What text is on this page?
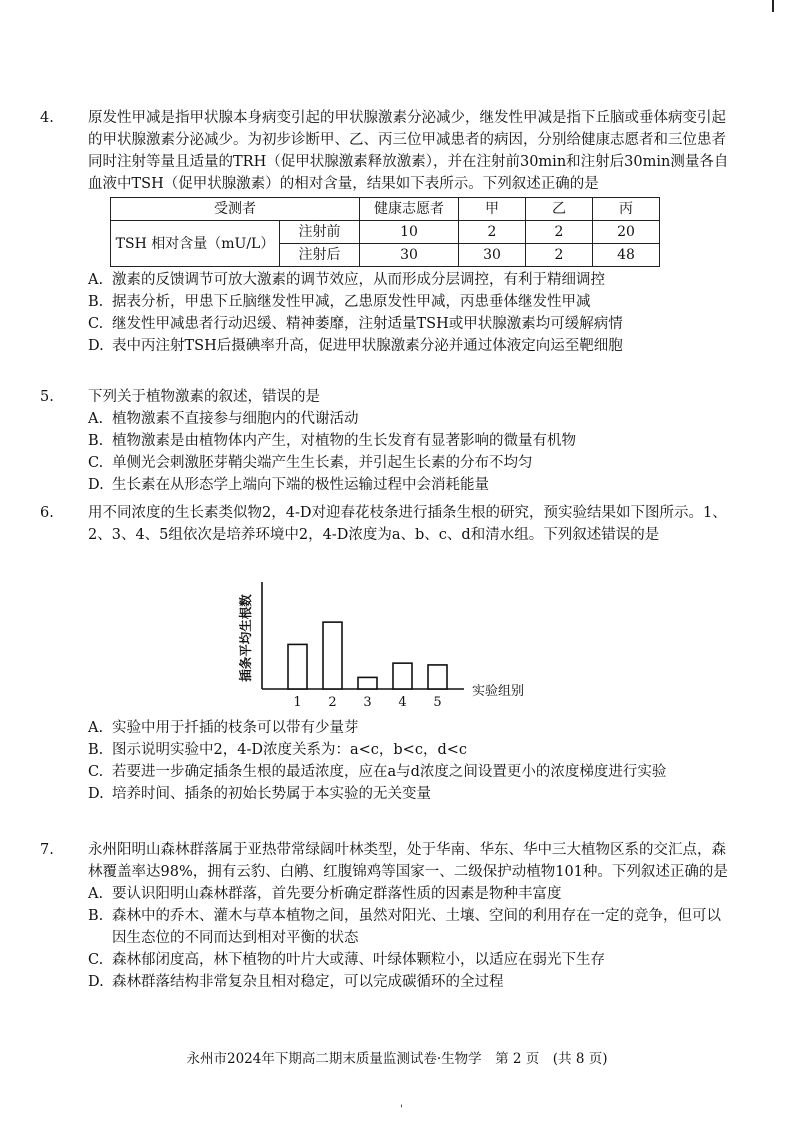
4. 原发性甲减是指甲状腺本身病变引起的甲状腺激素分泌减少，继发性甲减是指下丘脑或垂体病变引起的甲状腺激素分泌减少。为初步诊断甲、乙、丙三位甲减患者的病因，分别给健康志愿者和三位患者同时注射等量且适量的TRH（促甲状腺激素释放激素），并在注射前30min和注射后30min测量各自血液中TSH（促甲状腺激素）的相对含量，结果如下表所示。下列叙述正确的是

受测者		健康志愿者	甲	乙	丙
TSH 相对含量（mU/L）	注射前	10	2	2	20
	注射后	30	30	2	48

A. 激素的反馈调节可放大激素的调节效应，从而形成分层调控，有利于精细调控

B. 据表分析，甲患下丘脑继发性甲减，乙患原发性甲减，丙患垂体继发性甲减

C. 继发性甲减患者行动迟缓、精神萎靡，注射适量TSH或甲状腺激素均可缓解病情

D. 表中丙注射TSH后摄碘率升高，促进甲状腺激素分泌并通过体液定向运至靶细胞

5. 下列关于植物激素的叙述，错误的是

A. 植物激素不直接参与细胞内的代谢活动

B. 植物激素是由植物体内产生，对植物的生长发育有显著影响的微量有机物

C. 单侧光会刺激胚芽鞘尖端产生生长素，并引起生长素的分布不均匀

D. 生长素在从形态学上端向下端的极性运输过程中会消耗能量

6. 用不同浓度的生长素类似物2，4-D对迎春花枝条进行插条生根的研究，预实验结果如下图所示。1、2、3、4、5组依次是培养环境中2，4-D浓度为a、b、c、d和清水组。下列叙述错误的是

插条平均生根数
实验组别
1 2 3 4 5

A. 实验中用于扦插的枝条可以带有少量芽

B. 图示说明实验中2，4-D浓度关系为：a<c，b<c，d<c

C. 若要进一步确定插条生根的最适浓度，应在a与d浓度之间设置更小的浓度梯度进行实验

D. 培养时间、插条的初始长势属于本实验的无关变量

7. 永州阳明山森林群落属于亚热带常绿阔叶林类型，处于华南、华东、华中三大植物区系的交汇点，森林覆盖率达98%，拥有云豹、白鹇、红腹锦鸡等国家一、二级保护动植物101种。下列叙述正确的是

A. 要认识阳明山森林群落，首先要分析确定群落性质的因素是物种丰富度

B. 森林中的乔木、灌木与草本植物之间，虽然对阳光、土壤、空间的利用存在一定的竞争，但可以因生态位的不同而达到相对平衡的状态

C. 森林郁闭度高，林下植物的叶片大或薄、叶绿体颗粒小，以适应在弱光下生存

D. 森林群落结构非常复杂且相对稳定，可以完成碳循环的全过程

永州市2024年下期高二期末质量监测试卷·生物学　第 2 页　(共 8 页)
'
